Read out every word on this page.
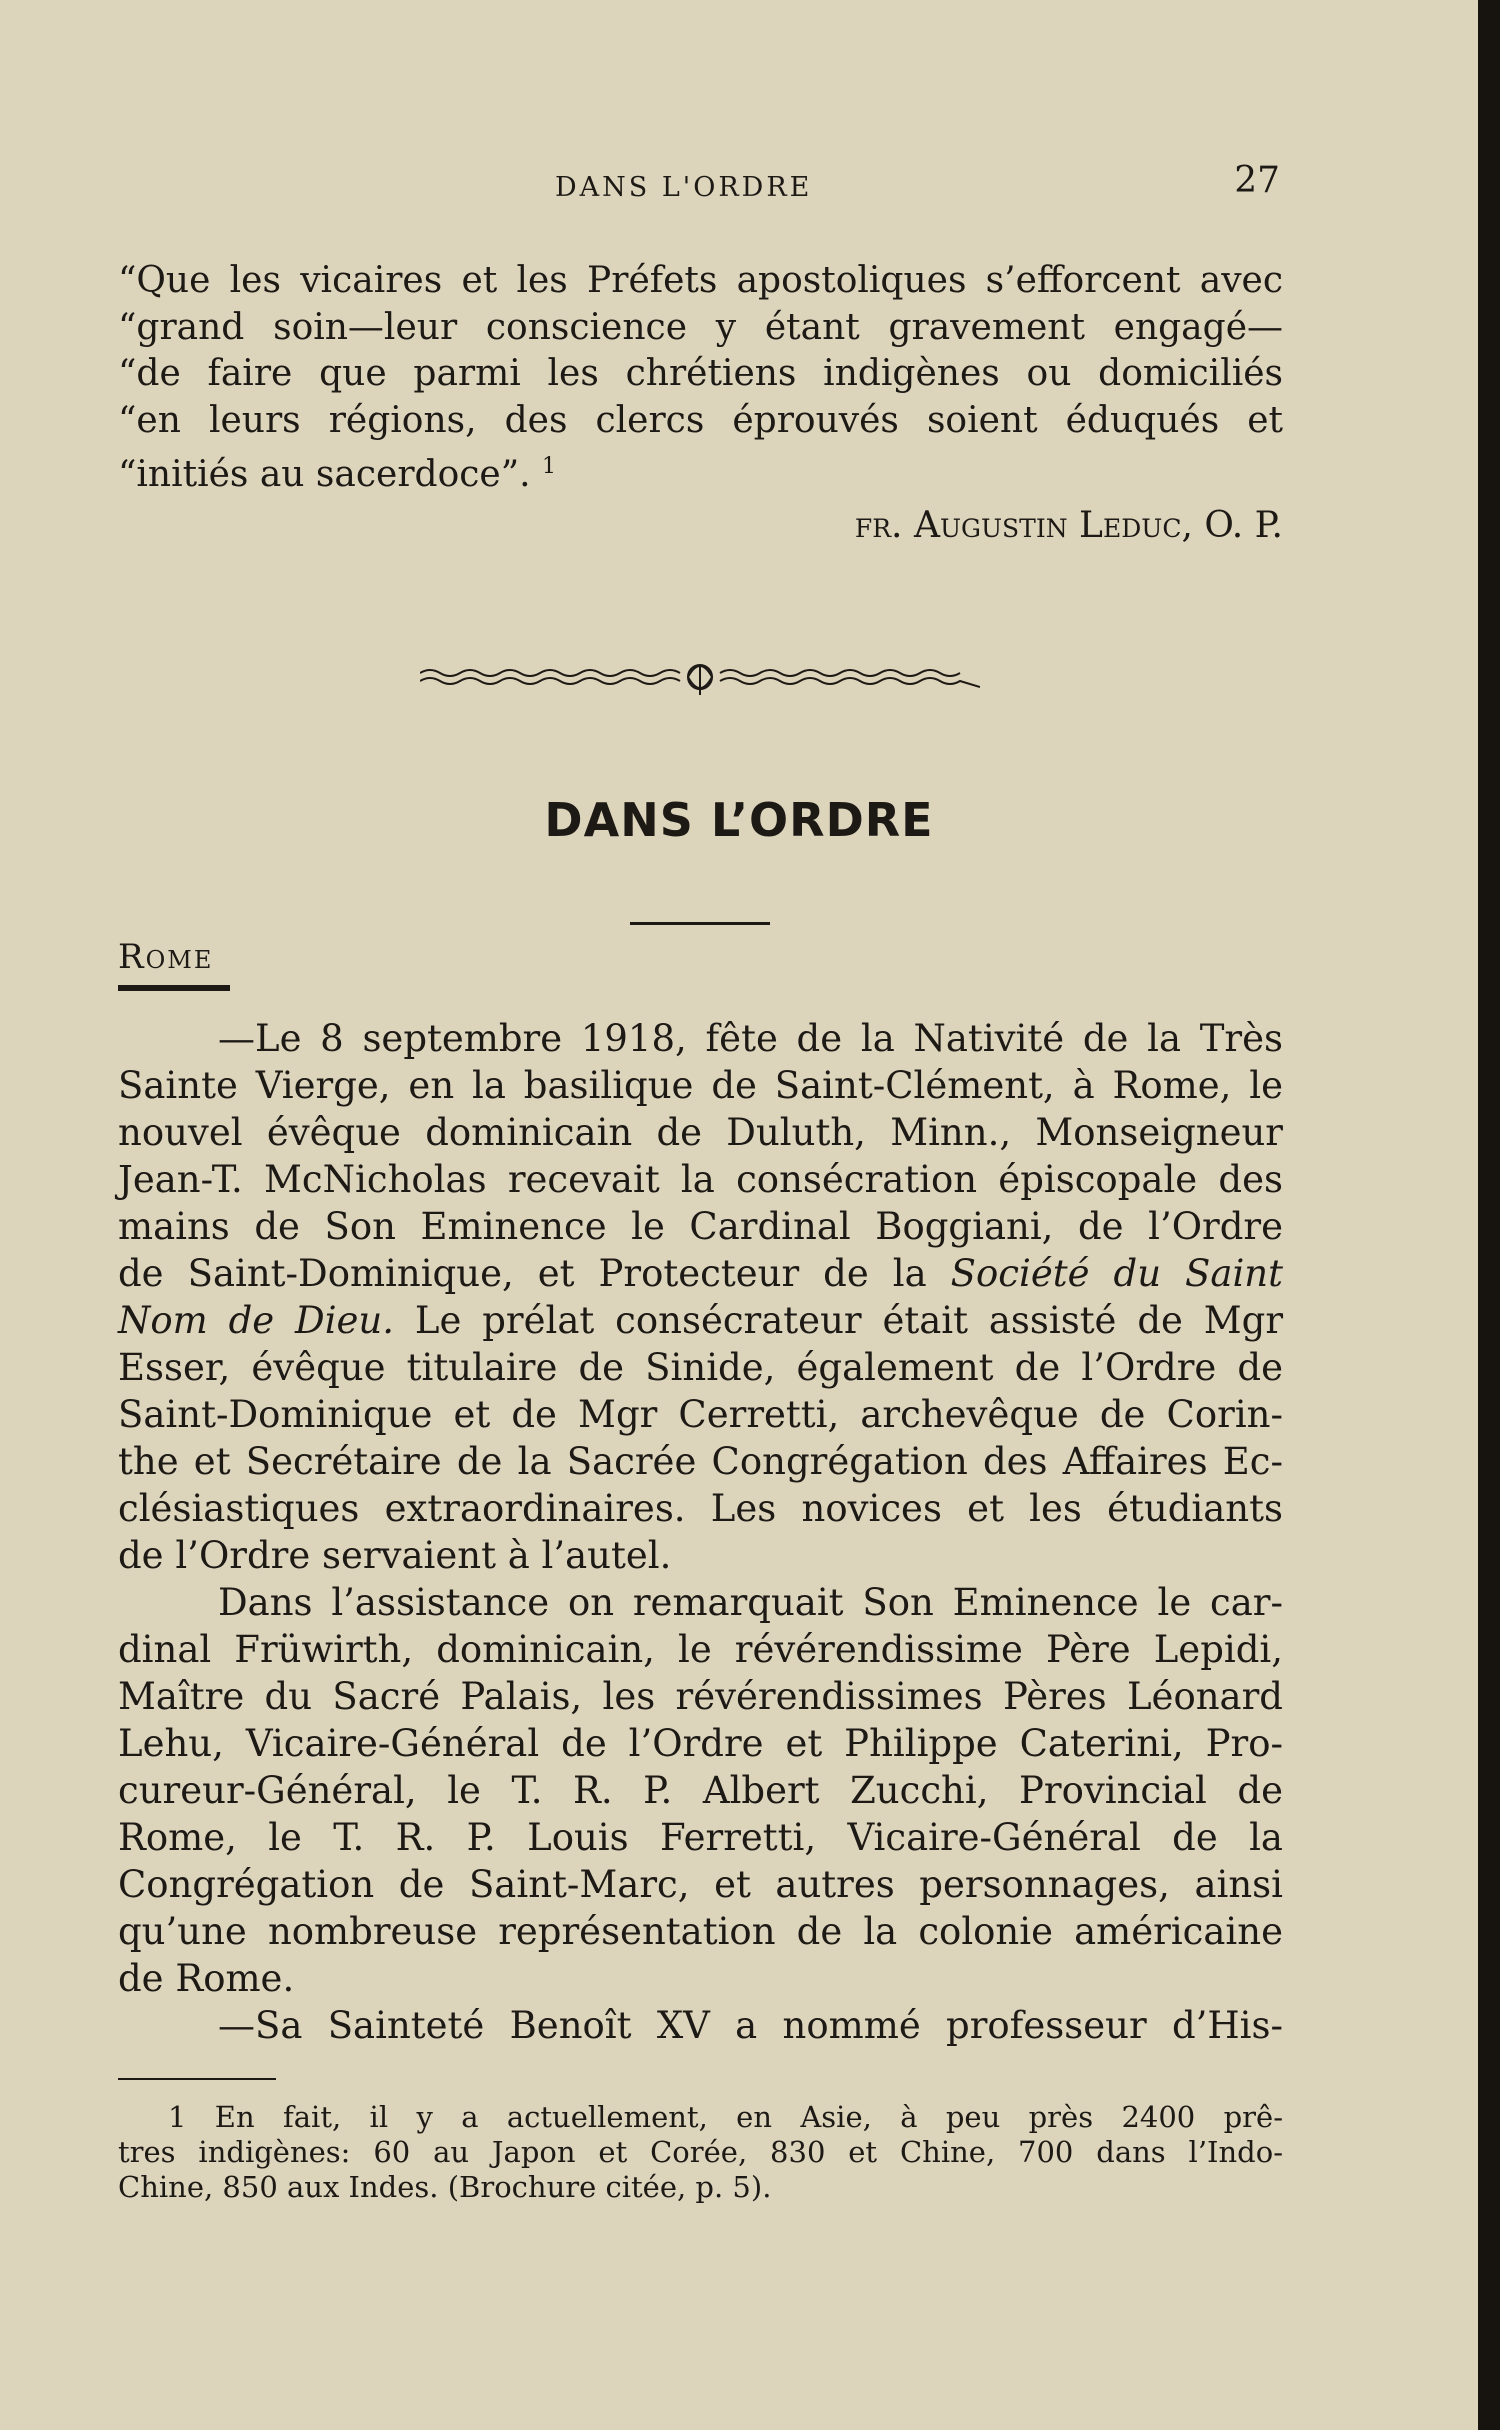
DANS L'ORDRE	27
“Que les vicaires et les Préfets apostoliques s’efforcent avec
“grand soin—leur conscience y étant gravement engagé—
“de faire que parmi les chrétiens indigènes ou domiciliés
“en leurs régions, des clercs éprouvés soient éduqués et
“initiés au sacerdoce”. $^1$
fr. Augustin Leduc, O. P.
DANS L’ORDRE
Rome
—Le 8 septembre 1918, fête de la Nativité de la Très
Sainte Vierge, en la basilique de Saint-Clément, à Rome, le
nouvel évêque dominicain de Duluth, Minn., Monseigneur
Jean-T. McNicholas recevait la consécration épiscopale des
mains de Son Eminence le Cardinal Boggiani, de l’Ordre
de Saint-Dominique, et Protecteur de la Société du Saint
Nom de Dieu. Le prélat consécrateur était assisté de Mgr
Esser, évêque titulaire de Sinide, également de l’Ordre de
Saint-Dominique et de Mgr Cerretti, archevêque de Corin-
the et Secrétaire de la Sacrée Congrégation des Affaires Ec-
clésiastiques extraordinaires. Les novices et les étudiants
de l’Ordre servaient à l’autel.
Dans l’assistance on remarquait Son Eminence le car-
dinal Früwirth, dominicain, le révérendissime Père Lepidi,
Maître du Sacré Palais, les révérendissimes Pères Léonard
Lehu, Vicaire-Général de l’Ordre et Philippe Caterini, Pro-
cureur-Général, le T. R. P. Albert Zucchi, Provincial de
Rome, le T. R. P. Louis Ferretti, Vicaire-Général de la
Congrégation de Saint-Marc, et autres personnages, ainsi
qu’une nombreuse représentation de la colonie américaine
de Rome.
—Sa Sainteté Benoît XV a nommé professeur d’His-
1 En fait, il y a actuellement, en Asie, à peu près 2400 prê-
tres indigènes: 60 au Japon et Corée, 830 et Chine, 700 dans l’Indo-
Chine, 850 aux Indes. (Brochure citée, p. 5).
